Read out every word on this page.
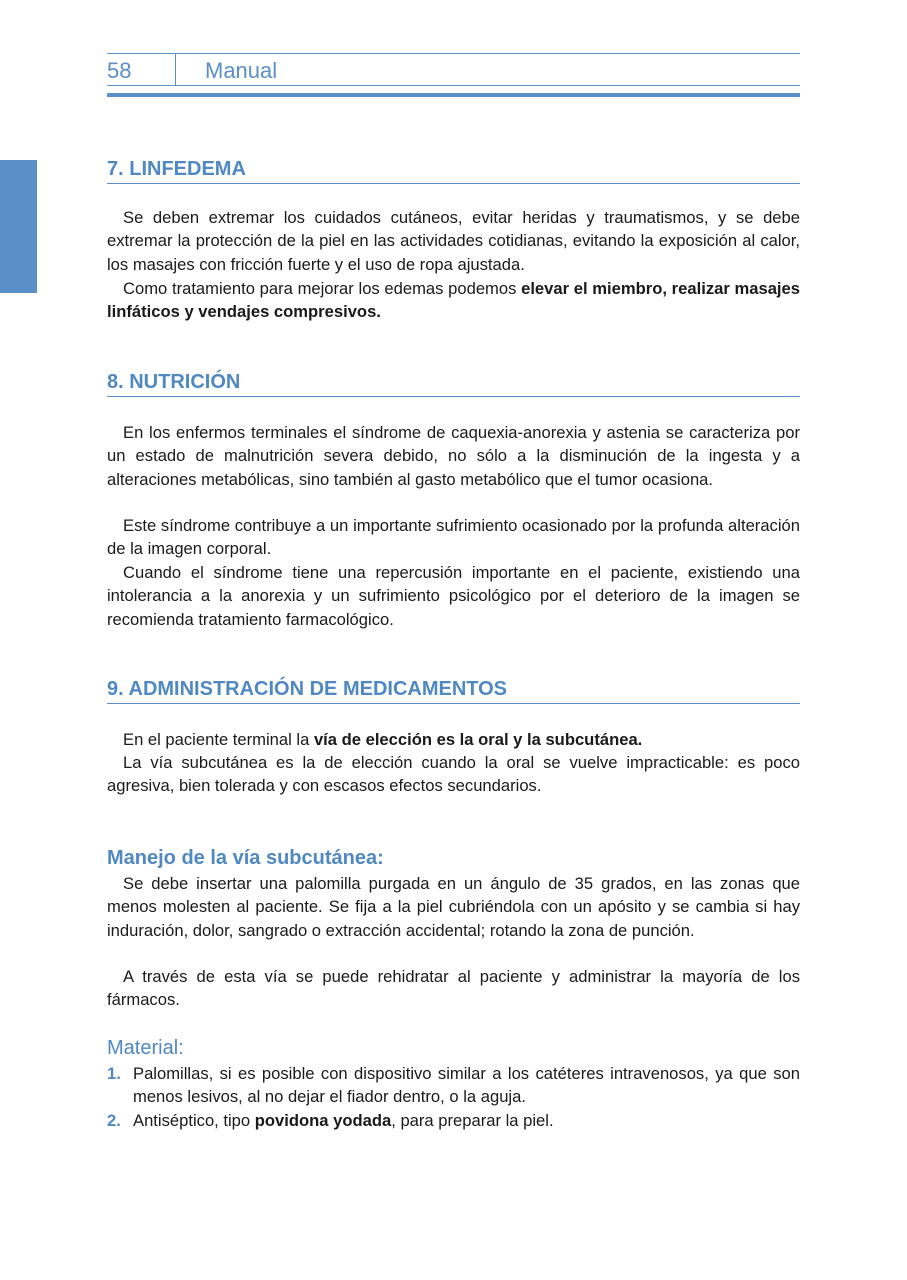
58	Manual
7. LINFEDEMA

Se deben extremar los cuidados cutáneos, evitar heridas y traumatismos, y se debe extremar la protección de la piel en las actividades cotidianas, evitando la exposición al calor, los masajes con fricción fuerte y el uso de ropa ajustada.

Como tratamiento para mejorar los edemas podemos elevar el miembro, realizar masajes linfáticos y vendajes compresivos.

8. NUTRICIÓN

En los enfermos terminales el síndrome de caquexia-anorexia y astenia se caracteriza por un estado de malnutrición severa debido, no sólo a la disminución de la ingesta y a alteraciones metabólicas, sino también al gasto metabólico que el tumor ocasiona.

Este síndrome contribuye a un importante sufrimiento ocasionado por la profunda alteración de la imagen corporal.

Cuando el síndrome tiene una repercusión importante en el paciente, existiendo una intolerancia a la anorexia y un sufrimiento psicológico por el deterioro de la imagen se recomienda tratamiento farmacológico.

9. ADMINISTRACIÓN DE MEDICAMENTOS

En el paciente terminal la vía de elección es la oral y la subcutánea.

La vía subcutánea es la de elección cuando la oral se vuelve impracticable: es poco agresiva, bien tolerada y con escasos efectos secundarios.

Manejo de la vía subcutánea:

Se debe insertar una palomilla purgada en un ángulo de 35 grados, en las zonas que menos molesten al paciente. Se fija a la piel cubriéndola con un apósito y se cambia si hay induración, dolor, sangrado o extracción accidental; rotando la zona de punción.

A través de esta vía se puede rehidratar al paciente y administrar la mayoría de los fármacos.

Material:
1. Palomillas, si es posible con dispositivo similar a los catéteres intravenosos, ya que son menos lesivos, al no dejar el fiador dentro, o la aguja.
2. Antiséptico, tipo povidona yodada, para preparar la piel.
